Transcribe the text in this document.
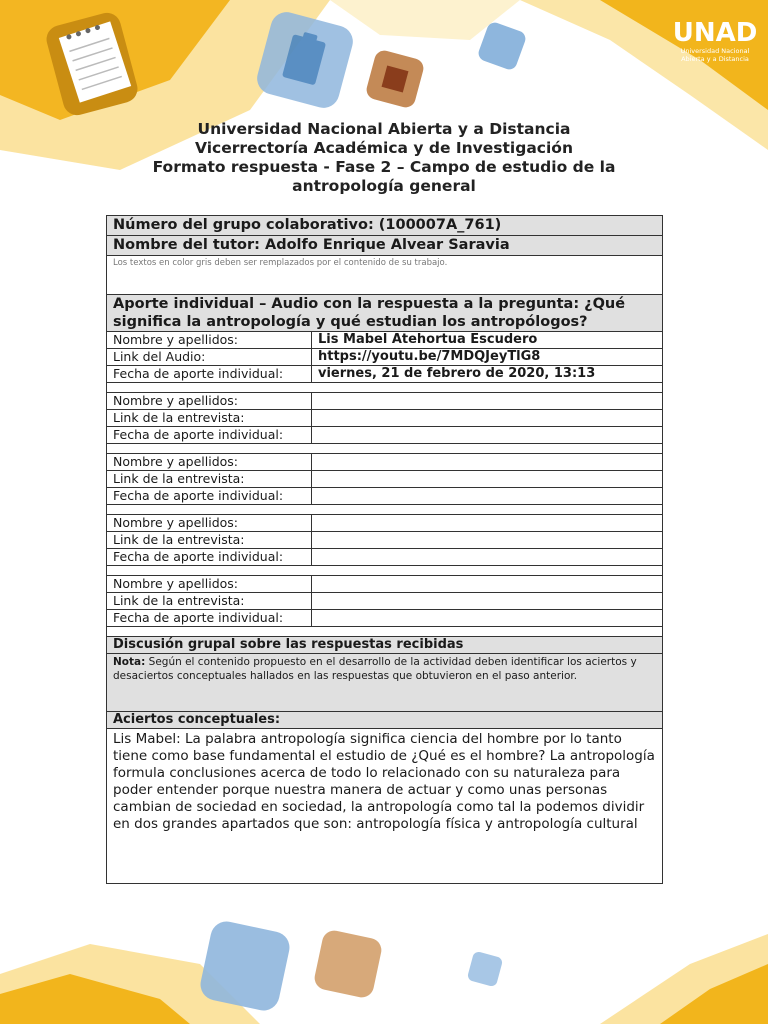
UNAD
Universidad Nacional
Abierta y a Distancia
Universidad Nacional Abierta y a Distancia
Vicerrectoría Académica y de Investigación
Formato respuesta - Fase 2 – Campo de estudio de la
antropología general
Número del grupo colaborativo: (100007A_761)	
Nombre del tutor: Adolfo Enrique Alvear Saravia	
Los textos en color gris deben ser remplazados por el contenido de su trabajo.	
Aporte individual – Audio con la respuesta a la pregunta: ¿Qué significa la antropología y qué estudian los antropólogos?	
Nombre y apellidos:	Lis Mabel Atehortua Escudero
Link del Audio:	https://youtu.be/7MDQJeyTlG8
Fecha de aporte individual:	viernes, 21 de febrero de 2020, 13:13

Nombre y apellidos:	
Link de la entrevista:	
Fecha de aporte individual:	

Nombre y apellidos:	
Link de la entrevista:	
Fecha de aporte individual:	

Nombre y apellidos:	
Link de la entrevista:	
Fecha de aporte individual:	

Nombre y apellidos:	
Link de la entrevista:	
Fecha de aporte individual:	

Discusión grupal sobre las respuestas recibidas	
Nota: Según el contenido propuesto en el desarrollo de la actividad deben identificar los aciertos y desaciertos conceptuales hallados en las respuestas que obtuvieron en el paso anterior.	
Aciertos conceptuales:	
Lis Mabel: La palabra antropología significa ciencia del hombre por lo tanto tiene como base fundamental el estudio de ¿Qué es el hombre? La antropología formula conclusiones acerca de todo lo relacionado con su naturaleza para poder entender porque nuestra manera de actuar y como unas personas cambian de sociedad en sociedad, la antropología como tal la podemos dividir en dos grandes apartados que son: antropología física y antropología cultural	
